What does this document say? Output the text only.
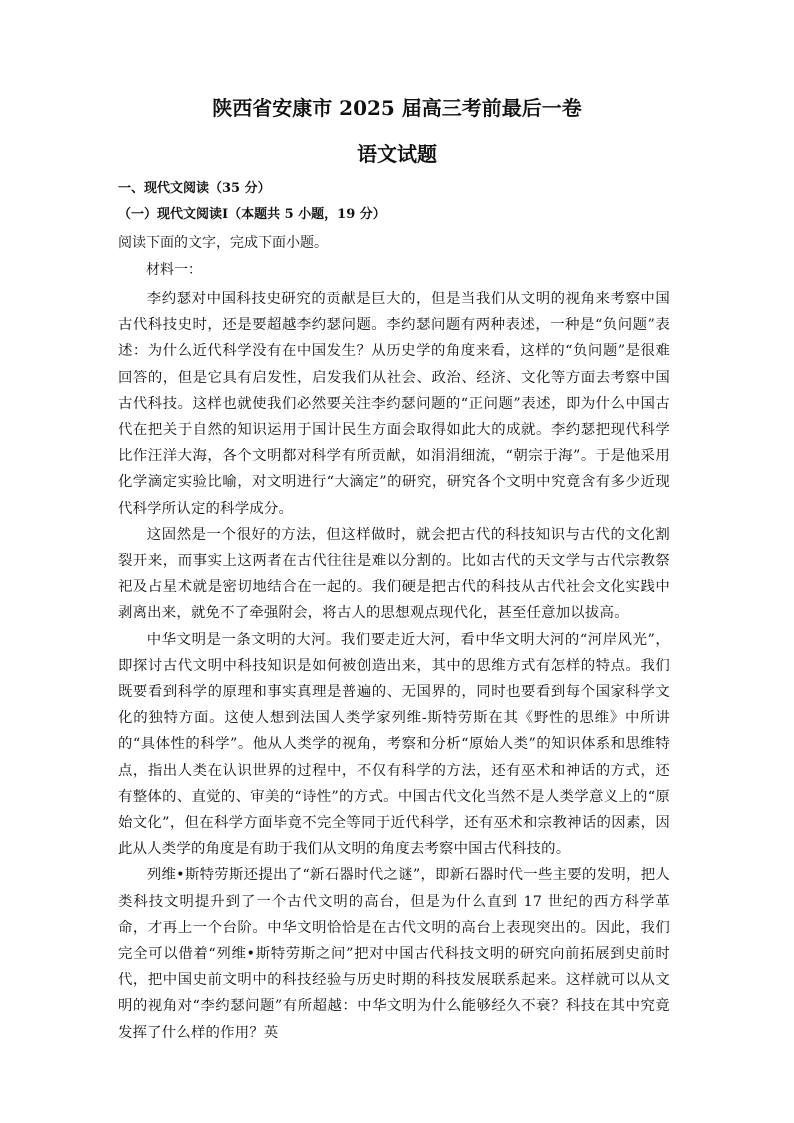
陕西省安康市 2025 届高三考前最后一卷
语文试题
一、现代文阅读（35 分）
（一）现代文阅读Ⅰ（本题共 5 小题，19 分）
阅读下面的文字，完成下面小题。
材料一：

李约瑟对中国科技史研究的贡献是巨大的，但是当我们从文明的视角来考察中国古代科技史时，还是要超越李约瑟问题。李约瑟问题有两种表述，一种是“负问题”表述：为什么近代科学没有在中国发生？从历史学的角度来看，这样的“负问题”是很难回答的，但是它具有启发性，启发我们从社会、政治、经济、文化等方面去考察中国古代科技。这样也就使我们必然要关注李约瑟问题的“正问题”表述，即为什么中国古代在把关于自然的知识运用于国计民生方面会取得如此大的成就。李约瑟把现代科学比作汪洋大海，各个文明都对科学有所贡献，如涓涓细流，“朝宗于海”。于是他采用化学滴定实验比喻，对文明进行“大滴定”的研究，研究各个文明中究竟含有多少近现代科学所认定的科学成分。

这固然是一个很好的方法，但这样做时，就会把古代的科技知识与古代的文化割裂开来，而事实上这两者在古代往往是难以分割的。比如古代的天文学与古代宗教祭祀及占星术就是密切地结合在一起的。我们硬是把古代的科技从古代社会文化实践中剥离出来，就免不了牵强附会，将古人的思想观点现代化，甚至任意加以拔高。

中华文明是一条文明的大河。我们要走近大河，看中华文明大河的“河岸风光”，即探讨古代文明中科技知识是如何被创造出来，其中的思维方式有怎样的特点。我们既要看到科学的原理和事实真理是普遍的、无国界的，同时也要看到每个国家科学文化的独特方面。这使人想到法国人类学家列维-斯特劳斯在其《野性的思维》中所讲的“具体性的科学”。他从人类学的视角，考察和分析“原始人类”的知识体系和思维特点，指出人类在认识世界的过程中，不仅有科学的方法，还有巫术和神话的方式，还有整体的、直觉的、审美的“诗性”的方式。中国古代文化当然不是人类学意义上的“原始文化”，但在科学方面毕竟不完全等同于近代科学，还有巫术和宗教神话的因素，因此从人类学的角度是有助于我们从文明的角度去考察中国古代科技的。

列维•斯特劳斯还提出了“新石器时代之谜”，即新石器时代一些主要的发明，把人类科技文明提升到了一个古代文明的高台，但是为什么直到 17 世纪的西方科学革命，才再上一个台阶。中华文明恰恰是在古代文明的高台上表现突出的。因此，我们完全可以借着“列维•斯特劳斯之问”把对中国古代科技文明的研究向前拓展到史前时代，把中国史前文明中的科技经验与历史时期的科技发展联系起来。这样就可以从文明的视角对“李约瑟问题”有所超越：中华文明为什么能够经久不衰？科技在其中究竟发挥了什么样的作用？英
